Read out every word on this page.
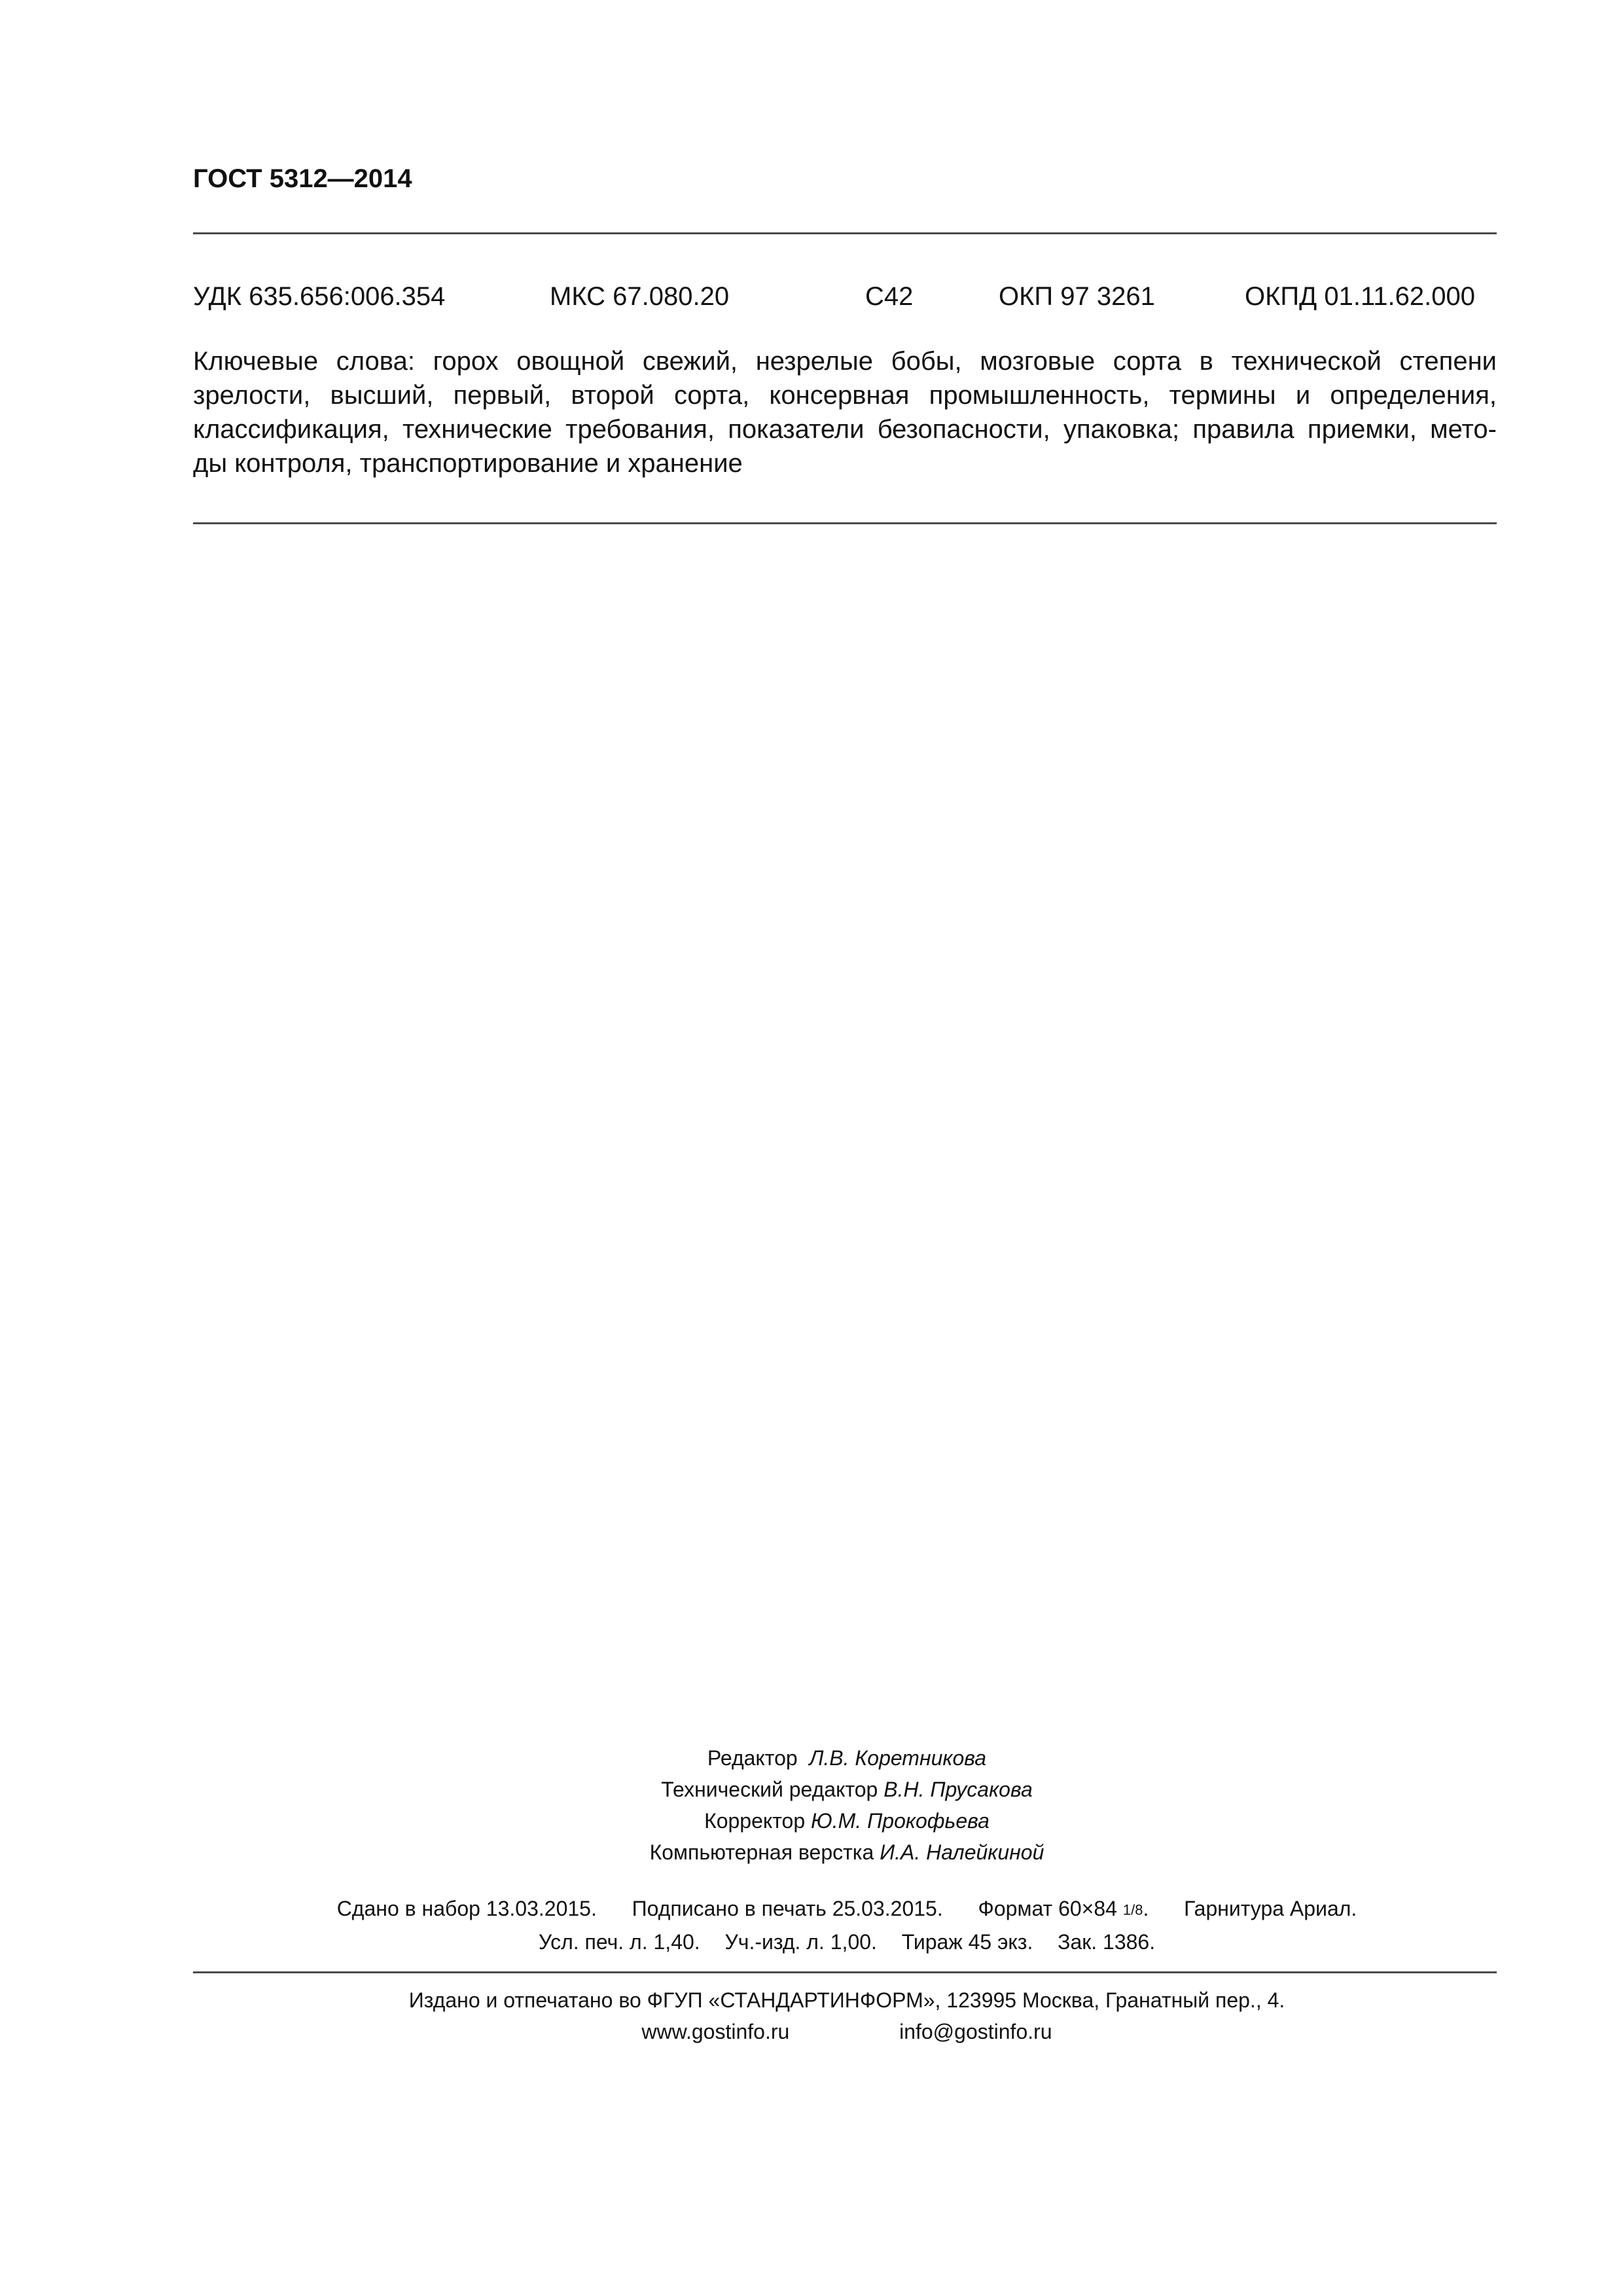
ГОСТ 5312—2014
УДК 635.656:006.354	МКС 67.080.20	С42	ОКП 97 3261	ОКПД 01.11.62.000
Ключевые слова: горох овощной свежий, незрелые бобы, мозговые сорта в технической степени
зрелости, высший, первый, второй сорта, консервная промышленность, термины и определения,
классификация, технические требования, показатели безопасности, упаковка; правила приемки, мето-
ды контроля, транспортирование и хранение
Редактор Л.В. Коретникова
Технический редактор В.Н. Прусакова
Корректор Ю.М. Прокофьева
Компьютерная верстка И.А. Налейкиной
Сдано в набор 13.03.2015. Подписано в печать 25.03.2015. Формат 60×84 1/8. Гарнитура Ариал.
Усл. печ. л. 1,40. Уч.-изд. л. 1,00. Тираж 45 экз. Зак. 1386.
Издано и отпечатано во ФГУП «СТАНДАРТИНФОРМ», 123995 Москва, Гранатный пер., 4.
www.gostinfo.ru	info@gostinfo.ru
